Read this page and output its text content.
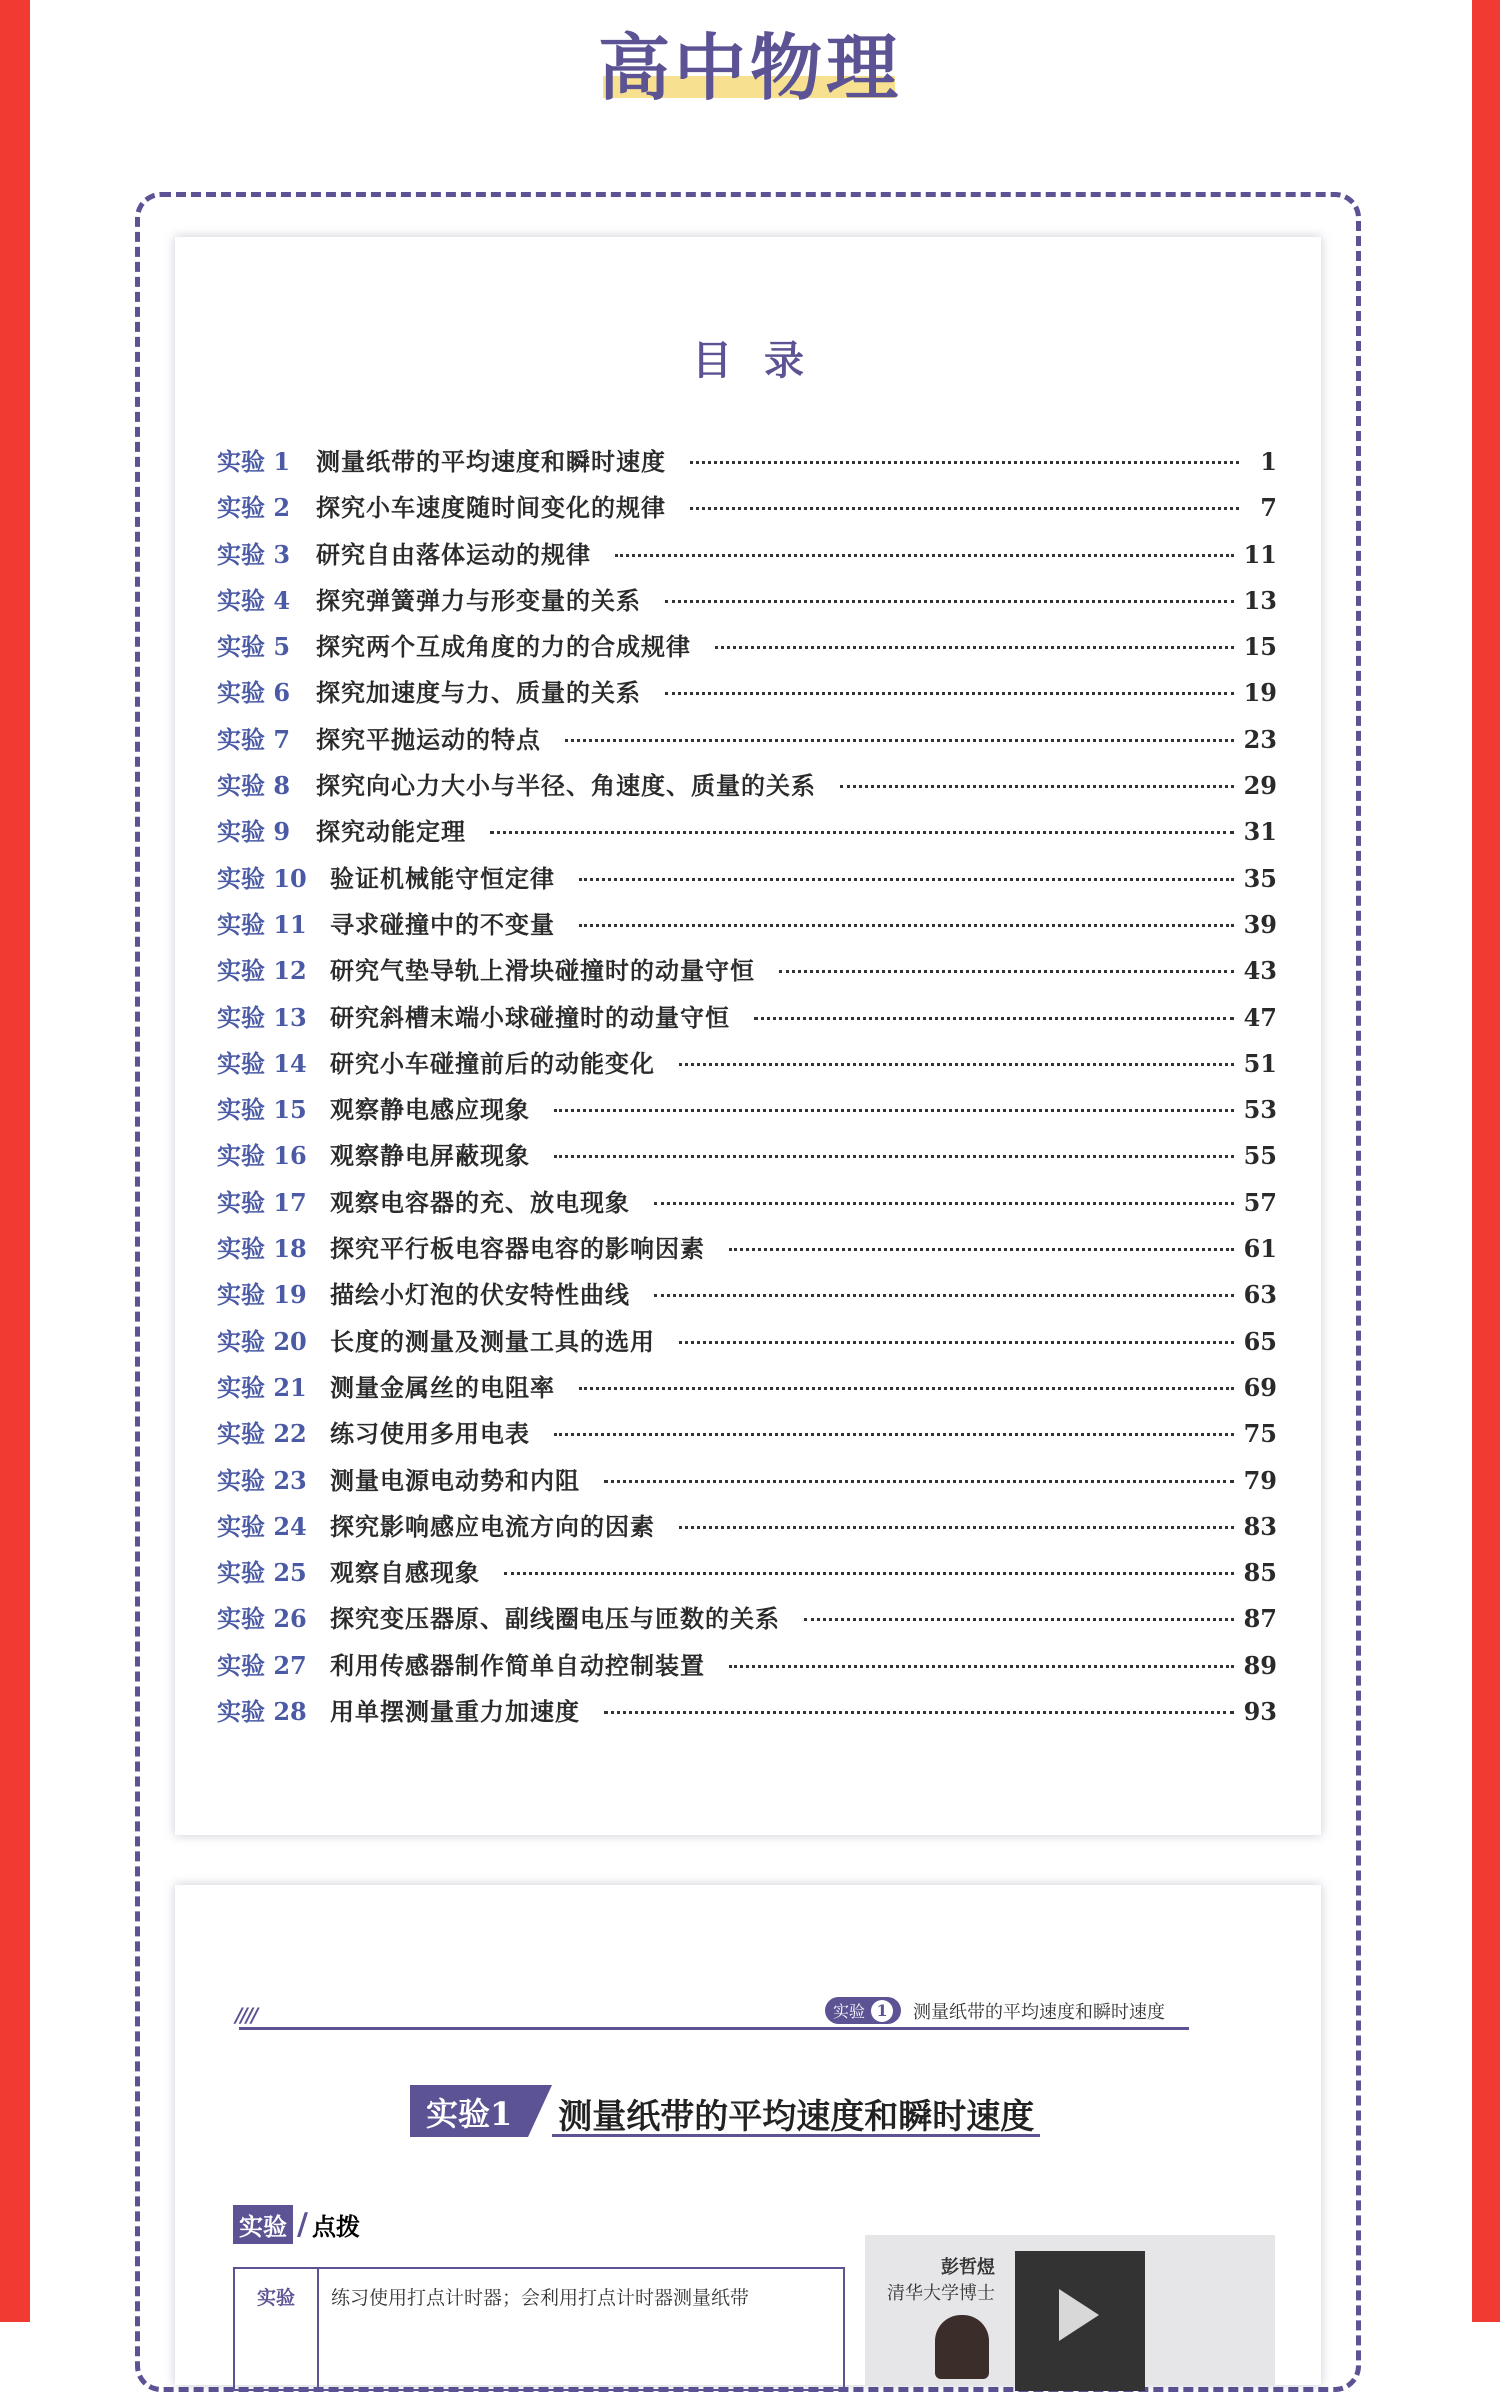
高中物理
目录
实验 1	测量纸带的平均速度和瞬时速度	1
实验 2	探究小车速度随时间变化的规律	7
实验 3	研究自由落体运动的规律	11
实验 4	探究弹簧弹力与形变量的关系	13
实验 5	探究两个互成角度的力的合成规律	15
实验 6	探究加速度与力、质量的关系	19
实验 7	探究平抛运动的特点	23
实验 8	探究向心力大小与半径、角速度、质量的关系	29
实验 9	探究动能定理	31
实验 10 验证机械能守恒定律	35
实验 11 寻求碰撞中的不变量	39
实验 12 研究气垫导轨上滑块碰撞时的动量守恒	43
实验 13 研究斜槽末端小球碰撞时的动量守恒	47
实验 14 研究小车碰撞前后的动能变化	51
实验 15 观察静电感应现象	53
实验 16 观察静电屏蔽现象	55
实验 17 观察电容器的充、放电现象	57
实验 18 探究平行板电容器电容的影响因素	61
实验 19 描绘小灯泡的伏安特性曲线	63
实验 20 长度的测量及测量工具的选用	65
实验 21 测量金属丝的电阻率	69
实验 22 练习使用多用电表	75
实验 23 测量电源电动势和内阻	79
实验 24 探究影响感应电流方向的因素	83
实验 25 观察自感现象	85
实验 26 探究变压器原、副线圈电压与匝数的关系	87
实验 27 利用传感器制作简单自动控制装置	89
实验 28 用单摆测量重力加速度	93
////	实验 1	测量纸带的平均速度和瞬时速度
实验1	测量纸带的平均速度和瞬时速度
实验 / 点拨
实验	练习使用打点计时器；会利用打点计时器测量纸带
彭哲煜
清华大学博士
